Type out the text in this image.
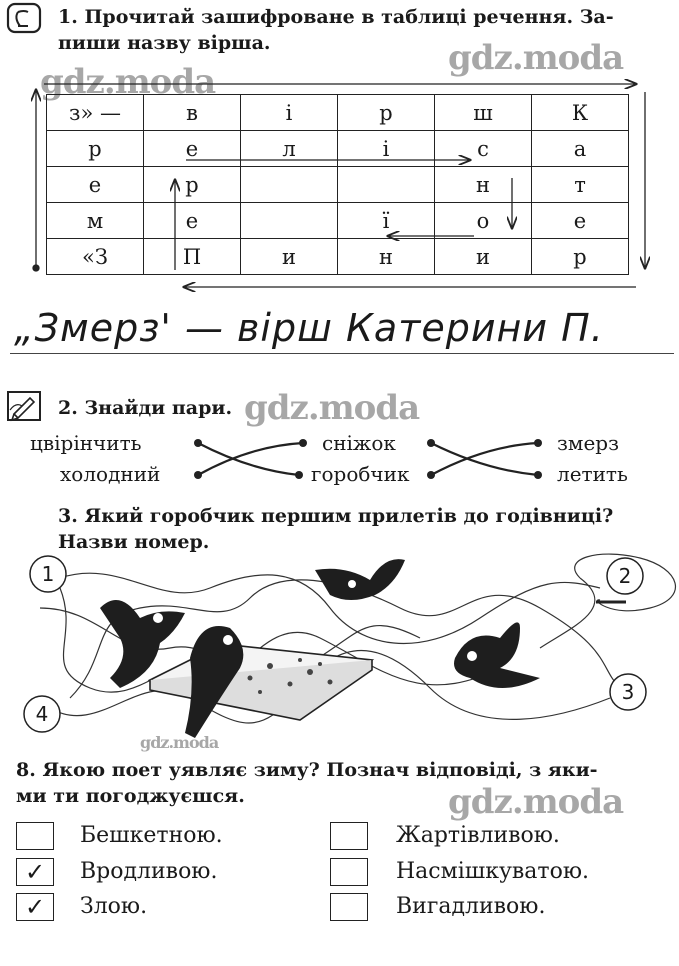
1. Прочитай зашифроване в таблиці речення. За-
пиши назву вірша.	gdz.moda
gdz.moda
з» —	в	і	р	ш	К
р	е	л	і	с	а
е	р			н	т
м	е		ї	о	е
«З	П	и	н	и	р
„Змерз' — вірш Катерини П.
2. Знайди пари. gdz.moda
цвірінчить
холодний
сніжок
горобчик
змерз
летить
3. Який горобчик першим прилетів до годівниці?
Назви номер.
1	2
3
4
gdz.moda
8. Якою поет уявляє зиму? Познач відповіді, з яки-
ми ти погоджуєшся.	gdz.moda
Бешкетною.
✓	Вродливою.
✓	Злою.
Жартівливою.
Насмішкуватою.
Вигадливою.
